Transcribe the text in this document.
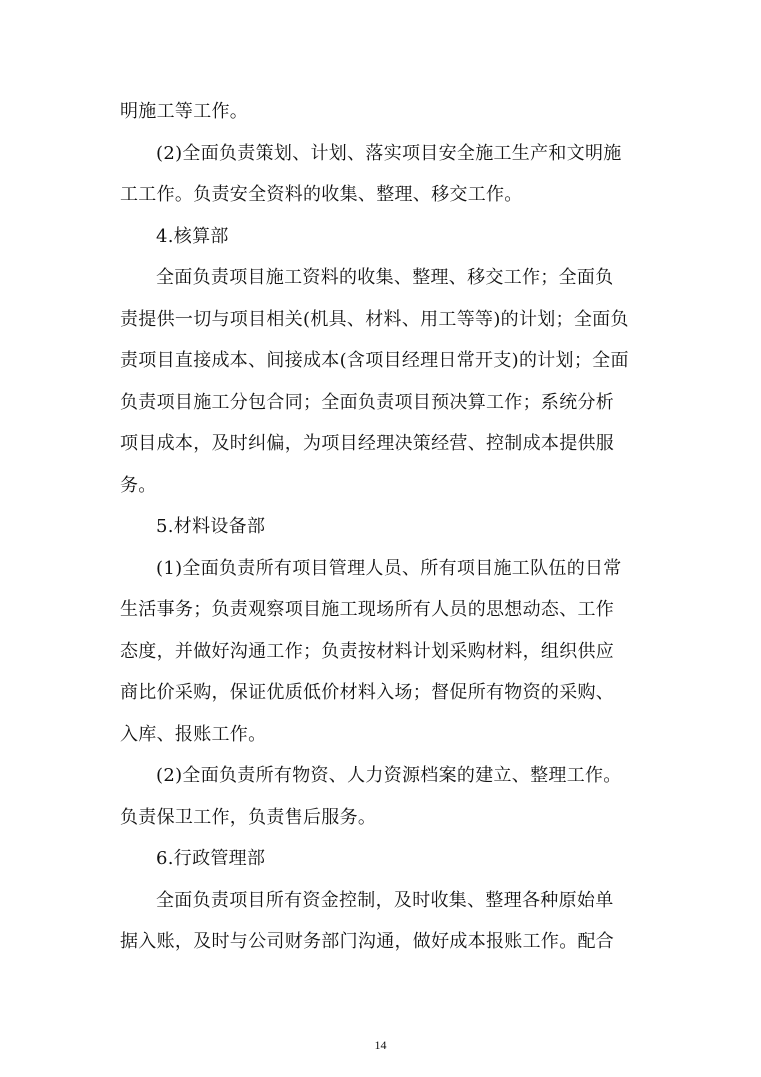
明施工等工作。
(2)全面负责策划、计划、落实项目安全施工生产和文明施
工工作。负责安全资料的收集、整理、移交工作。
4.核算部
全面负责项目施工资料的收集、整理、移交工作；全面负
责提供一切与项目相关(机具、材料、用工等等)的计划；全面负
责项目直接成本、间接成本(含项目经理日常开支)的计划；全面
负责项目施工分包合同；全面负责项目预决算工作；系统分析
项目成本，及时纠偏，为项目经理决策经营、控制成本提供服
务。
5.材料设备部
(1)全面负责所有项目管理人员、所有项目施工队伍的日常
生活事务；负责观察项目施工现场所有人员的思想动态、工作
态度，并做好沟通工作；负责按材料计划采购材料，组织供应
商比价采购，保证优质低价材料入场；督促所有物资的采购、
入库、报账工作。
(2)全面负责所有物资、人力资源档案的建立、整理工作。
负责保卫工作，负责售后服务。
6.行政管理部
全面负责项目所有资金控制，及时收集、整理各种原始单
据入账，及时与公司财务部门沟通，做好成本报账工作。配合
14
